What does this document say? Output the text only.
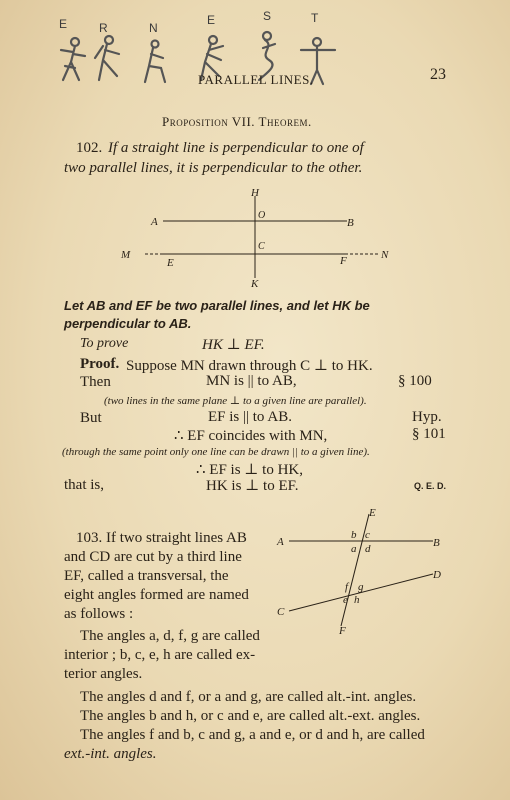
E	R	N
E	S	T

PARALLEL LINES.	23

Proposition VII. Theorem.

102. If a straight line is perpendicular to one of

two parallel lines, it is perpendicular to the other.

H
O
A	B
C
M	N
E	F
K

Let AB and EF be two parallel lines, and let HK be

perpendicular to AB.

To prove	HK ⊥ EF.

Proof. Suppose MN drawn through C ⊥ to HK.

Then	MN is || to AB,	§ 100

(two lines in the same plane ⊥ to a given line are parallel).

But	EF is || to AB.	Hyp.

∴ EF coincides with MN,	§ 101

(through the same point only one line can be drawn || to a given line).

∴ EF is ⊥ to HK,

that is,	HK is ⊥ to EF.	Q. E. D.

103. If two straight lines AB

and CD are cut by a third line

EF, called a transversal, the

eight angles formed are named

as follows :

The angles a, d, f, g are called

interior ; b, c, e, h are called ex-

terior angles.

The angles d and f, or a and g, are called alt.-int. angles.

The angles b and h, or c and e, are called alt.-ext. angles.

The angles f and b, c and g, a and e, or d and h, are called

ext.-int. angles.

E
A	B
b c
a d
D
f g
e h
C
F
